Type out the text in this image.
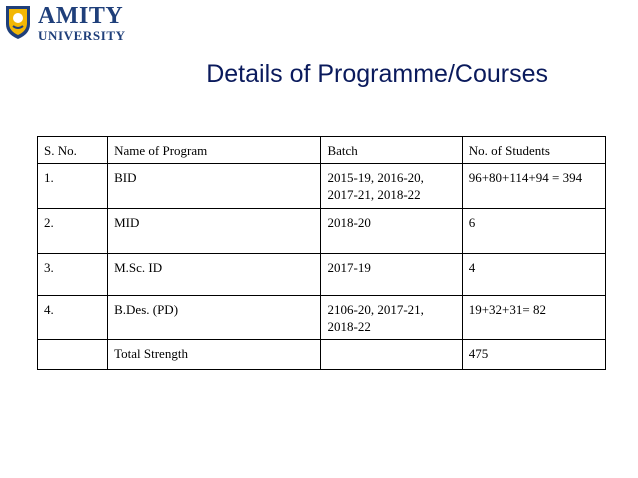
AMITY
UNIVERSITY
Details of Programme/Courses
S. No.	Name of Program	Batch	No. of Students
1.	BID	2015-19, 2016-20, 2017-21, 2018-22	96+80+114+94 = 394
2.	MID	2018-20	6
3.	M.Sc. ID	2017-19	4
4.	B.Des. (PD)	2106-20, 2017-21, 2018-22	19+32+31= 82
	Total Strength		475
